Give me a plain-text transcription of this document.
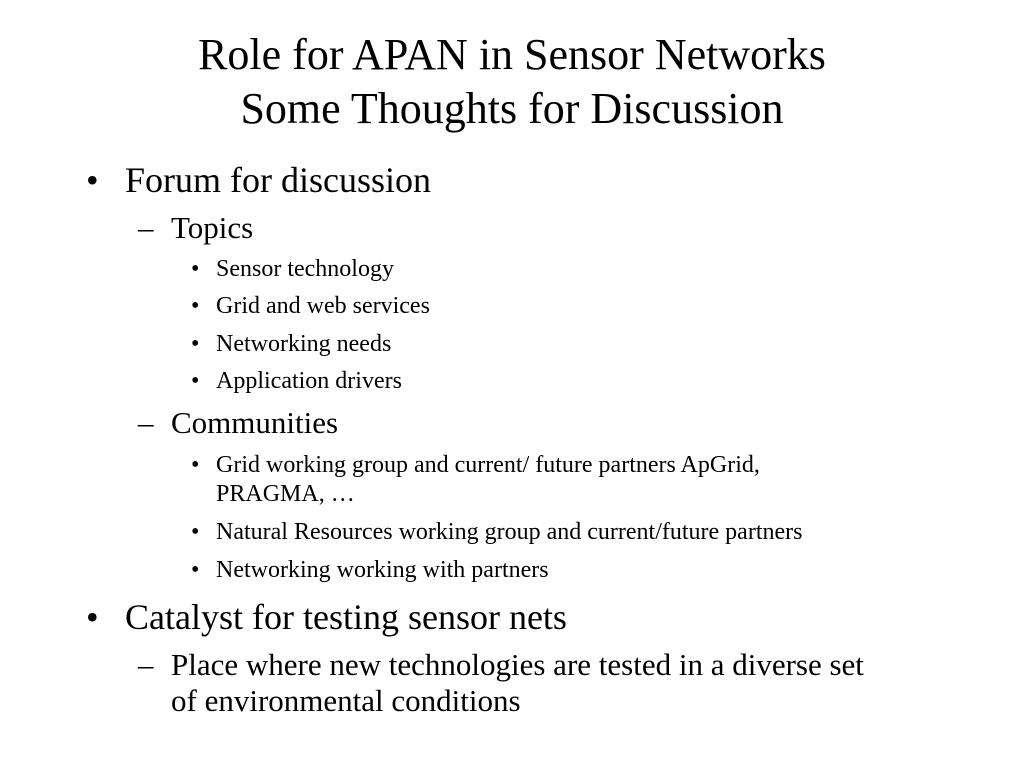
Role for APAN in Sensor Networks
Some Thoughts for Discussion
• Forum for discussion
– Topics
• Sensor technology
• Grid and web services
• Networking needs
• Application drivers
– Communities
• Grid working group and current/ future partners ApGrid,
PRAGMA, …
• Natural Resources working group and current/future partners
• Networking working with partners
• Catalyst for testing sensor nets
– Place where new technologies are tested in a diverse set
of environmental conditions
